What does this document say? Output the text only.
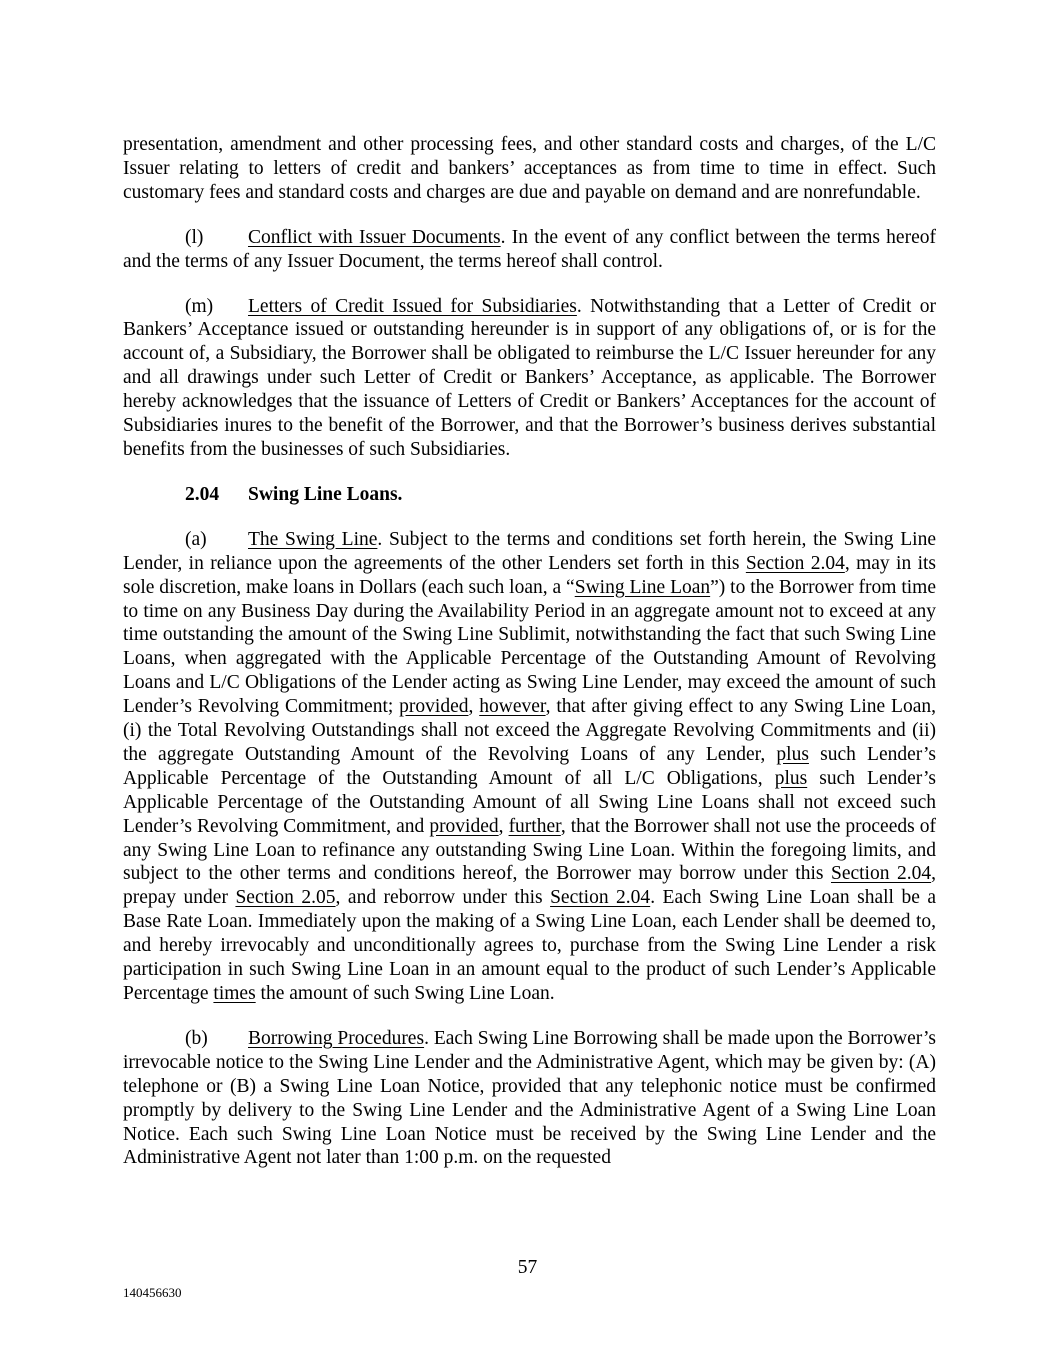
presentation, amendment and other processing fees, and other standard costs and charges, of the L/C Issuer relating to letters of credit and bankers’ acceptances as from time to time in effect. Such customary fees and standard costs and charges are due and payable on demand and are nonrefundable.

(l) Conflict with Issuer Documents. In the event of any conflict between the terms hereof and the terms of any Issuer Document, the terms hereof shall control.

(m) Letters of Credit Issued for Subsidiaries. Notwithstanding that a Letter of Credit or Bankers’ Acceptance issued or outstanding hereunder is in support of any obligations of, or is for the account of, a Subsidiary, the Borrower shall be obligated to reimburse the L/C Issuer hereunder for any and all drawings under such Letter of Credit or Bankers’ Acceptance, as applicable. The Borrower hereby acknowledges that the issuance of Letters of Credit or Bankers’ Acceptances for the account of Subsidiaries inures to the benefit of the Borrower, and that the Borrower’s business derives substantial benefits from the businesses of such Subsidiaries.

2.04 Swing Line Loans.

(a) The Swing Line. Subject to the terms and conditions set forth herein, the Swing Line Lender, in reliance upon the agreements of the other Lenders set forth in this Section 2.04, may in its sole discretion, make loans in Dollars (each such loan, a “Swing Line Loan”) to the Borrower from time to time on any Business Day during the Availability Period in an aggregate amount not to exceed at any time outstanding the amount of the Swing Line Sublimit, notwithstanding the fact that such Swing Line Loans, when aggregated with the Applicable Percentage of the Outstanding Amount of Revolving Loans and L/C Obligations of the Lender acting as Swing Line Lender, may exceed the amount of such Lender’s Revolving Commitment; provided, however, that after giving effect to any Swing Line Loan, (i) the Total Revolving Outstandings shall not exceed the Aggregate Revolving Commitments and (ii) the aggregate Outstanding Amount of the Revolving Loans of any Lender, plus such Lender’s Applicable Percentage of the Outstanding Amount of all L/C Obligations, plus such Lender’s Applicable Percentage of the Outstanding Amount of all Swing Line Loans shall not exceed such Lender’s Revolving Commitment, and provided, further, that the Borrower shall not use the proceeds of any Swing Line Loan to refinance any outstanding Swing Line Loan. Within the foregoing limits, and subject to the other terms and conditions hereof, the Borrower may borrow under this Section 2.04, prepay under Section 2.05, and reborrow under this Section 2.04. Each Swing Line Loan shall be a Base Rate Loan. Immediately upon the making of a Swing Line Loan, each Lender shall be deemed to, and hereby irrevocably and unconditionally agrees to, purchase from the Swing Line Lender a risk participation in such Swing Line Loan in an amount equal to the product of such Lender’s Applicable Percentage times the amount of such Swing Line Loan.

(b) Borrowing Procedures. Each Swing Line Borrowing shall be made upon the Borrower’s irrevocable notice to the Swing Line Lender and the Administrative Agent, which may be given by: (A) telephone or (B) a Swing Line Loan Notice, provided that any telephonic notice must be confirmed promptly by delivery to the Swing Line Lender and the Administrative Agent of a Swing Line Loan Notice. Each such Swing Line Loan Notice must be received by the Swing Line Lender and the Administrative Agent not later than 1:00 p.m. on the requested

57
140456630
